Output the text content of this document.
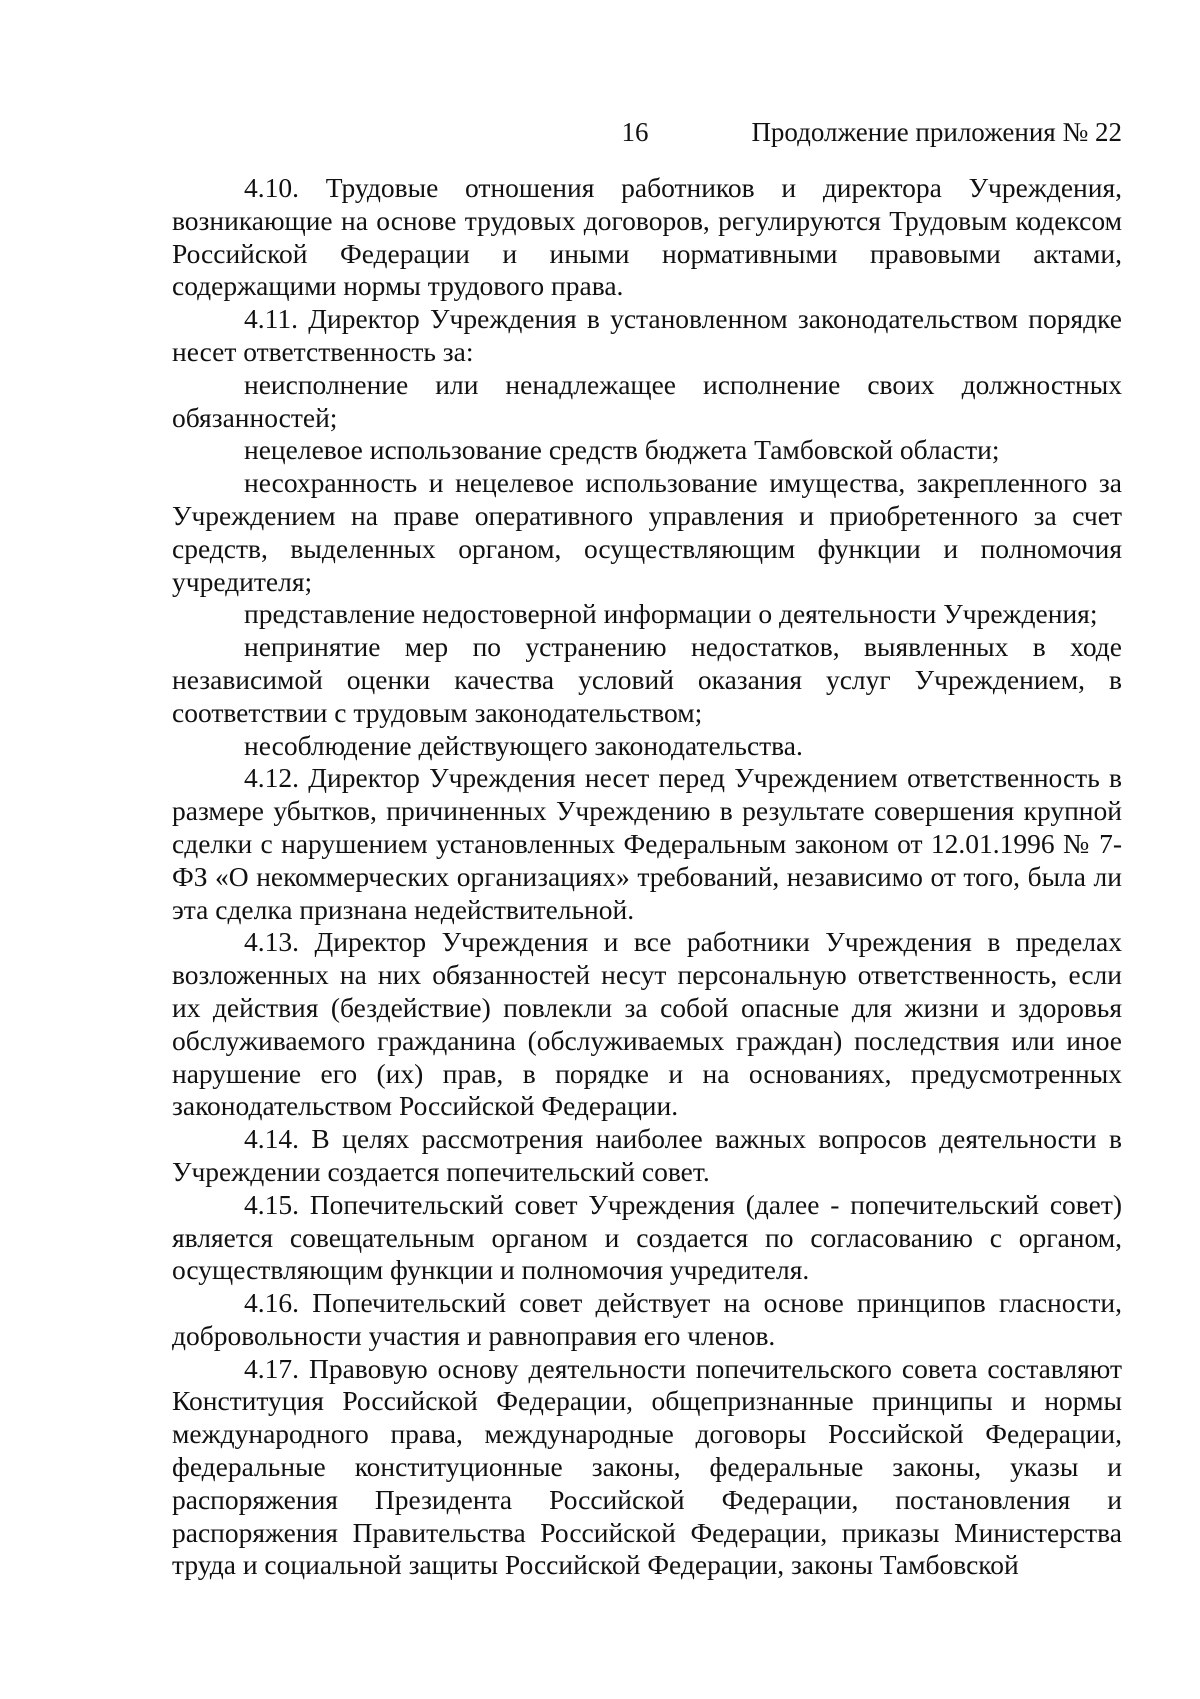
16	Продолжение приложения № 22

4.10. Трудовые отношения работников и директора Учреждения, возникающие на основе трудовых договоров, регулируются Трудовым кодексом Российской Федерации и иными нормативными правовыми актами, содержащими нормы трудового права.

4.11. Директор Учреждения в установленном законодательством порядке несет ответственность за:

неисполнение или ненадлежащее исполнение своих должностных обязанностей;

нецелевое использование средств бюджета Тамбовской области;

несохранность и нецелевое использование имущества, закрепленного за Учреждением на праве оперативного управления и приобретенного за счет средств, выделенных органом, осуществляющим функции и полномочия учредителя;

представление недостоверной информации о деятельности Учреждения;

непринятие мер по устранению недостатков, выявленных в ходе независимой оценки качества условий оказания услуг Учреждением, в соответствии с трудовым законодательством;

несоблюдение действующего законодательства.

4.12. Директор Учреждения несет перед Учреждением ответственность в размере убытков, причиненных Учреждению в результате совершения крупной сделки с нарушением установленных Федеральным законом от 12.01.1996 № 7-ФЗ «О некоммерческих организациях» требований, независимо от того, была ли эта сделка признана недействительной.

4.13. Директор Учреждения и все работники Учреждения в пределах возложенных на них обязанностей несут персональную ответственность, если их действия (бездействие) повлекли за собой опасные для жизни и здоровья обслуживаемого гражданина (обслуживаемых граждан) последствия или иное нарушение его (их) прав, в порядке и на основаниях, предусмотренных законодательством Российской Федерации.

4.14. В целях рассмотрения наиболее важных вопросов деятельности в Учреждении создается попечительский совет.

4.15. Попечительский совет Учреждения (далее - попечительский совет) является совещательным органом и создается по согласованию с органом, осуществляющим функции и полномочия учредителя.

4.16. Попечительский совет действует на основе принципов гласности, добровольности участия и равноправия его членов.

4.17. Правовую основу деятельности попечительского совета составляют Конституция Российской Федерации, общепризнанные принципы и нормы международного права, международные договоры Российской Федерации, федеральные конституционные законы, федеральные законы, указы и распоряжения Президента Российской Федерации, постановления и распоряжения Правительства Российской Федерации, приказы Министерства труда и социальной защиты Российской Федерации, законы Тамбовской
